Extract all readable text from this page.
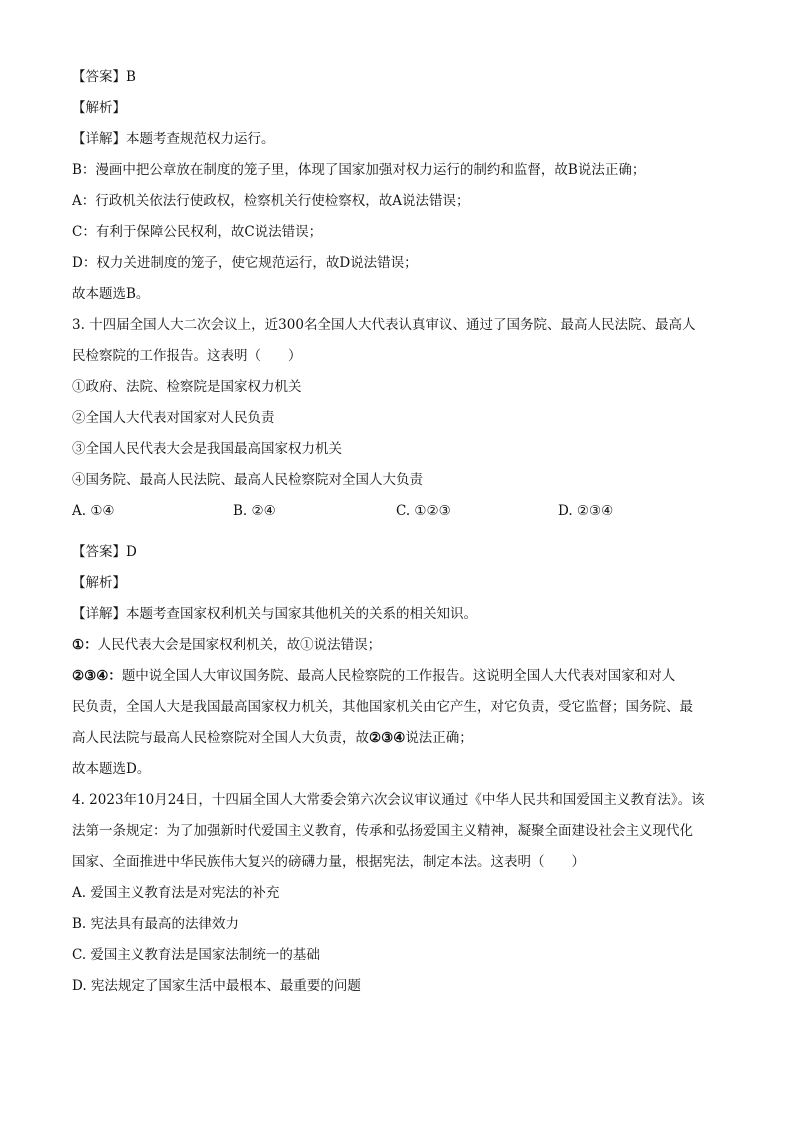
【答案】B
【解析】
【详解】本题考查规范权力运行。
B：漫画中把公章放在制度的笼子里，体现了国家加强对权力运行的制约和监督，故B说法正确；
A：行政机关依法行使政权，检察机关行使检察权，故A说法错误；
C：有利于保障公民权利，故C说法错误；
D：权力关进制度的笼子，使它规范运行，故D说法错误；
故本题选B。
3. 十四届全国人大二次会议上，近300名全国人大代表认真审议、通过了国务院、最高人民法院、最高人
民检察院的工作报告。这表明（　　）
①政府、法院、检察院是国家权力机关
②全国人大代表对国家对人民负责
③全国人民代表大会是我国最高国家权力机关
④国务院、最高人民法院、最高人民检察院对全国人大负责
A. ①④	B. ②④	C. ①②③	D. ②③④
【答案】D
【解析】
【详解】本题考查国家权利机关与国家其他机关的关系的相关知识。
①：人民代表大会是国家权利机关，故①说法错误；
②③④：题中说全国人大审议国务院、最高人民检察院的工作报告。这说明全国人大代表对国家和对人
民负责，全国人大是我国最高国家权力机关，其他国家机关由它产生，对它负责，受它监督；国务院、最
高人民法院与最高人民检察院对全国人大负责，故②③④说法正确；
故本题选D。
4. 2023年10月24日，十四届全国人大常委会第六次会议审议通过《中华人民共和国爱国主义教育法》。该
法第一条规定：为了加强新时代爱国主义教育，传承和弘扬爱国主义精神，凝聚全面建设社会主义现代化
国家、全面推进中华民族伟大复兴的磅礴力量，根据宪法，制定本法。这表明（　　）
A. 爱国主义教育法是对宪法的补充
B. 宪法具有最高的法律效力
C. 爱国主义教育法是国家法制统一的基础
D. 宪法规定了国家生活中最根本、最重要的问题
